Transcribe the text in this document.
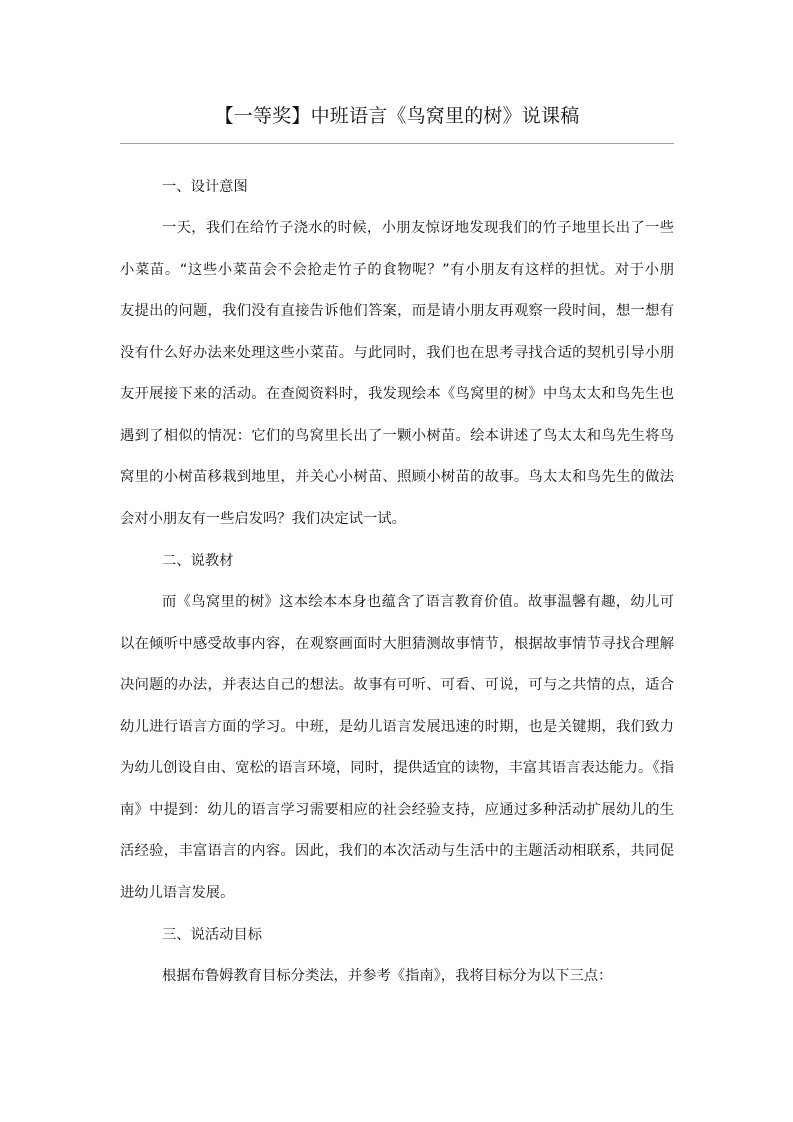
【一等奖】中班语言《鸟窝里的树》说课稿
一、设计意图
一天，我们在给竹子浇水的时候，小朋友惊讶地发现我们的竹子地里长出了一些
小菜苗。“这些小菜苗会不会抢走竹子的食物呢？”有小朋友有这样的担忧。对于小朋
友提出的问题，我们没有直接告诉他们答案，而是请小朋友再观察一段时间，想一想有
没有什么好办法来处理这些小菜苗。与此同时，我们也在思考寻找合适的契机引导小朋
友开展接下来的活动。在查阅资料时，我发现绘本《鸟窝里的树》中鸟太太和鸟先生也
遇到了相似的情况：它们的鸟窝里长出了一颗小树苗。绘本讲述了鸟太太和鸟先生将鸟
窝里的小树苗移栽到地里，并关心小树苗、照顾小树苗的故事。鸟太太和鸟先生的做法
会对小朋友有一些启发吗？我们决定试一试。
二、说教材
而《鸟窝里的树》这本绘本本身也蕴含了语言教育价值。故事温馨有趣，幼儿可
以在倾听中感受故事内容，在观察画面时大胆猜测故事情节，根据故事情节寻找合理解
决问题的办法，并表达自己的想法。故事有可听、可看、可说，可与之共情的点，适合
幼儿进行语言方面的学习。中班，是幼儿语言发展迅速的时期，也是关键期，我们致力
为幼儿创设自由、宽松的语言环境，同时，提供适宜的读物，丰富其语言表达能力。《指
南》中提到：幼儿的语言学习需要相应的社会经验支持，应通过多种活动扩展幼儿的生
活经验，丰富语言的内容。因此，我们的本次活动与生活中的主题活动相联系，共同促
进幼儿语言发展。
三、说活动目标
根据布鲁姆教育目标分类法，并参考《指南》，我将目标分为以下三点：
